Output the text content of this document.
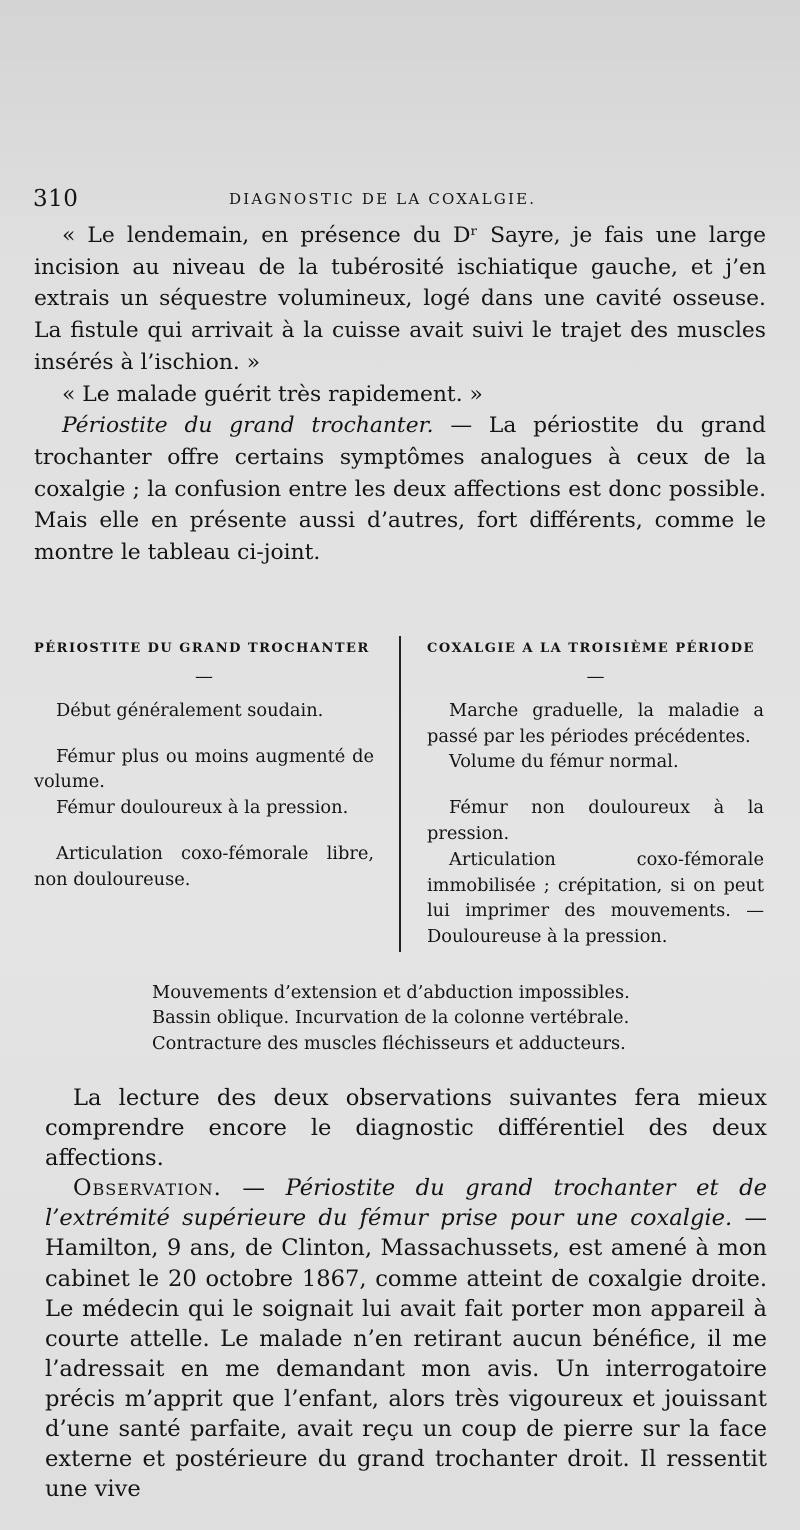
310	DIAGNOSTIC DE LA COXALGIE.

« Le lendemain, en présence du Dʳ Sayre, je fais une large incision au niveau de la tubérosité ischiatique gauche, et j’en extrais un séquestre volumineux, logé dans une cavité osseuse. La fistule qui arrivait à la cuisse avait suivi le trajet des muscles insérés à l’ischion. »

« Le malade guérit très rapidement. »

Périostite du grand trochanter. — La périostite du grand trochanter offre certains symptômes analogues à ceux de la coxalgie ; la confusion entre les deux affections est donc possible. Mais elle en présente aussi d’autres, fort différents, comme le montre le tableau ci-joint.

PÉRIOSTITE DU GRAND TROCHANTER
—

Début généralement soudain.

Fémur plus ou moins augmenté de volume.

Fémur douloureux à la pression.

Articulation coxo-fémorale libre, non douloureuse.

COXALGIE A LA TROISIÈME PÉRIODE
—

Marche graduelle, la maladie a passé par les périodes précédentes.

Volume du fémur normal.

Fémur non douloureux à la pression.

Articulation coxo-fémorale immobilisée ; crépitation, si on peut lui imprimer des mouvements. — Douloureuse à la pression.

Mouvements d’extension et d’abduction impossibles.
Bassin oblique. Incurvation de la colonne vertébrale.
Contracture des muscles fléchisseurs et adducteurs.

La lecture des deux observations suivantes fera mieux comprendre encore le diagnostic différentiel des deux affections.

Observation. — Périostite du grand trochanter et de l’extrémité supérieure du fémur prise pour une coxalgie. — Hamilton, 9 ans, de Clinton, Massachussets, est amené à mon cabinet le 20 octobre 1867, comme atteint de coxalgie droite. Le médecin qui le soignait lui avait fait porter mon appareil à courte attelle. Le malade n’en retirant aucun bénéfice, il me l’adressait en me demandant mon avis. Un interrogatoire précis m’apprit que l’enfant, alors très vigoureux et jouissant d’une santé parfaite, avait reçu un coup de pierre sur la face externe et postérieure du grand trochanter droit. Il ressentit une vive
